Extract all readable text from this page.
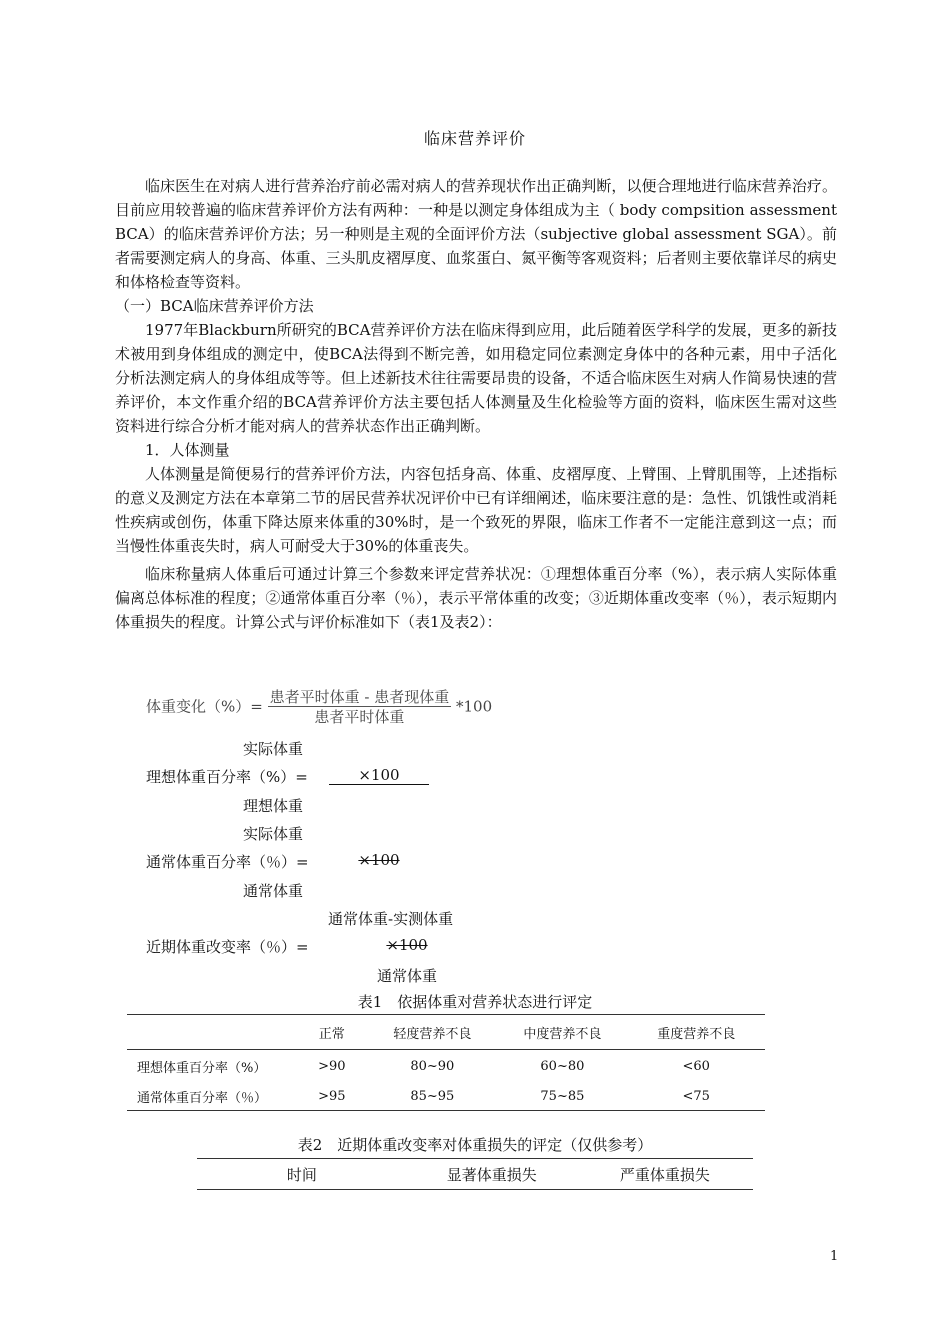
临床营养评价

临床医生在对病人进行营养治疗前必需对病人的营养现状作出正确判断，以便合理地进行临床营养治疗。目前应用较普遍的临床营养评价方法有两种：一种是以测定身体组成为主（ body compsition assessment BCA）的临床营养评价方法；另一种则是主观的全面评价方法（subjective global assessment SGA）。前者需要测定病人的身高、体重、三头肌皮褶厚度、血浆蛋白、氮平衡等客观资料；后者则主要依靠详尽的病史和体格检查等资料。

（一）BCA临床营养评价方法

1977年Blackburn所研究的BCA营养评价方法在临床得到应用，此后随着医学科学的发展，更多的新技术被用到身体组成的测定中，使BCA法得到不断完善，如用稳定同位素测定身体中的各种元素，用中子活化分析法测定病人的身体组成等等。但上述新技术往往需要昂贵的设备，不适合临床医生对病人作简易快速的营养评价，本文作重介绍的BCA营养评价方法主要包括人体测量及生化检验等方面的资料，临床医生需对这些资料进行综合分析才能对病人的营养状态作出正确判断。

1．人体测量

人体测量是简便易行的营养评价方法，内容包括身高、体重、皮褶厚度、上臂围、上臂肌围等，上述指标的意义及测定方法在本章第二节的居民营养状况评价中已有详细阐述，临床要注意的是：急性、饥饿性或消耗性疾病或创伤，体重下降达原来体重的30%时，是一个致死的界限，临床工作者不一定能注意到这一点；而当慢性体重丧失时，病人可耐受大于30%的体重丧失。

临床称量病人体重后可通过计算三个参数来评定营养状况：①理想体重百分率（%），表示病人实际体重偏离总体标准的程度；②通常体重百分率（％），表示平常体重的改变；③近期体重改变率（％），表示短期内体重损失的程度。计算公式与评价标准如下（表1及表2）：

体重变化（%）= $\frac{\text{患者平时体重 - 患者现体重}}{\text{患者平时体重}} *100$
实际体重
理想体重百分率（%）=	×100
理想体重
实际体重
通常体重百分率（％）=	×100
通常体重
通常体重-实测体重
近期体重改变率（％）=	×100
通常体重
表1　依据体重对营养状态进行评定
	正常	轻度营养不良	中度营养不良	重度营养不良
理想体重百分率（%）	>90	80~90	60~80	<60
通常体重百分率（％）	>95	85~95	75~85	<75
表2　近期体重改变率对体重损失的评定（仅供参考）
时间	显著体重损失	严重体重损失
1
